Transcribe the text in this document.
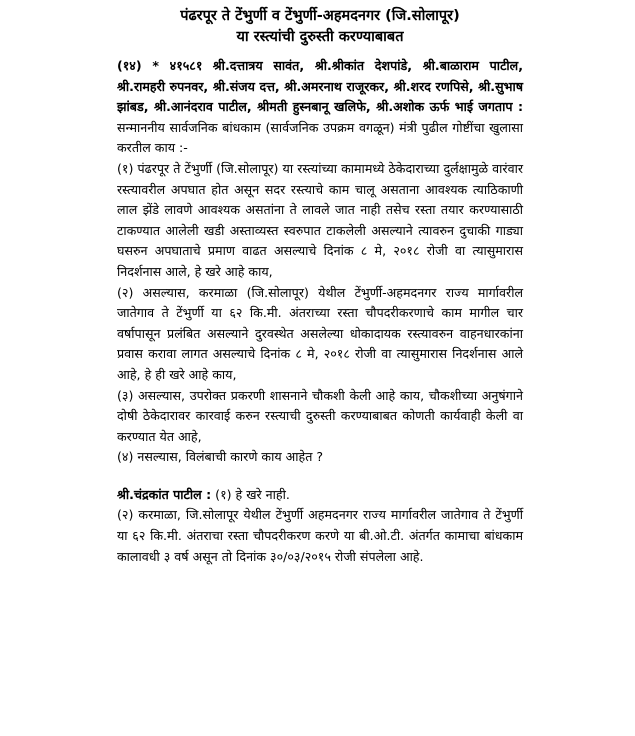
पंढरपूर ते टेंभुर्णी व टेंभुर्णी-अहमदनगर (जि.सोलापूर)
या रस्त्यांची दुरुस्ती करण्याबाबत

(१४) * ४१५८१ श्री.दत्तात्रय सावंत, श्री.श्रीकांत देशपांडे, श्री.बाळाराम पाटील, श्री.रामहरी रुपनवर, श्री.संजय दत्त, श्री.अमरनाथ राजूरकर, श्री.शरद रणपिसे, श्री.सुभाष झांबड, श्री.आनंदराव पाटील, श्रीमती हुस्नबानू खलिफे, श्री.अशोक ऊर्फ भाई जगताप : सन्माननीय सार्वजनिक बांधकाम (सार्वजनिक उपक्रम वगळून) मंत्री पुढील गोष्टींचा खुलासा करतील काय :-

(१) पंढरपूर ते टेंभुर्णी (जि.सोलापूर) या रस्त्यांच्या कामामध्ये ठेकेदाराच्या दुर्लक्षामुळे वारंवार रस्त्यावरील अपघात होत असून सदर रस्त्याचे काम चालू असताना आवश्यक त्याठिकाणी लाल झेंडे लावणे आवश्यक असतांना ते लावले जात नाही तसेच रस्ता तयार करण्यासाठी टाकण्यात आलेली खडी अस्ताव्यस्त स्वरुपात टाकलेली असल्याने त्यावरुन दुचाकी गाड्या घसरुन अपघाताचे प्रमाण वाढत असल्याचे दिनांक ८ मे, २०१८ रोजी वा त्यासुमारास निदर्शनास आले, हे खरे आहे काय,

(२) असल्यास, करमाळा (जि.सोलापूर) येथील टेंभुर्णी-अहमदनगर राज्य मार्गावरील जातेगाव ते टेंभुर्णी या ६२ कि.मी. अंतराच्या रस्ता चौपदरीकरणाचे काम मागील चार वर्षापासून प्रलंबित असल्याने दुरवस्थेत असलेल्या धोकादायक रस्त्यावरुन वाहनधारकांना प्रवास करावा लागत असल्याचे दिनांक ८ मे, २०१८ रोजी वा त्यासुमारास निदर्शनास आले आहे, हे ही खरे आहे काय,

(३) असल्यास, उपरोक्त प्रकरणी शासनाने चौकशी केली आहे काय, चौकशीच्या अनुषंगाने दोषी ठेकेदारावर कारवाई करुन रस्त्याची दुरुस्ती करण्याबाबत कोणती कार्यवाही केली वा करण्यात येत आहे,

(४) नसल्यास, विलंबाची कारणे काय आहेत ?

श्री.चंद्रकांत पाटील : (१) हे खरे नाही.

(२) करमाळा, जि.सोलापूर येथील टेंभुर्णी अहमदनगर राज्य मार्गावरील जातेगाव ते टेंभुर्णी या ६२ कि.मी. अंतराचा रस्ता चौपदरीकरण करणे या बी.ओ.टी. अंतर्गत कामाचा बांधकाम कालावधी ३ वर्ष असून तो दिनांक ३०/०३/२०१५ रोजी संपलेला आहे.
